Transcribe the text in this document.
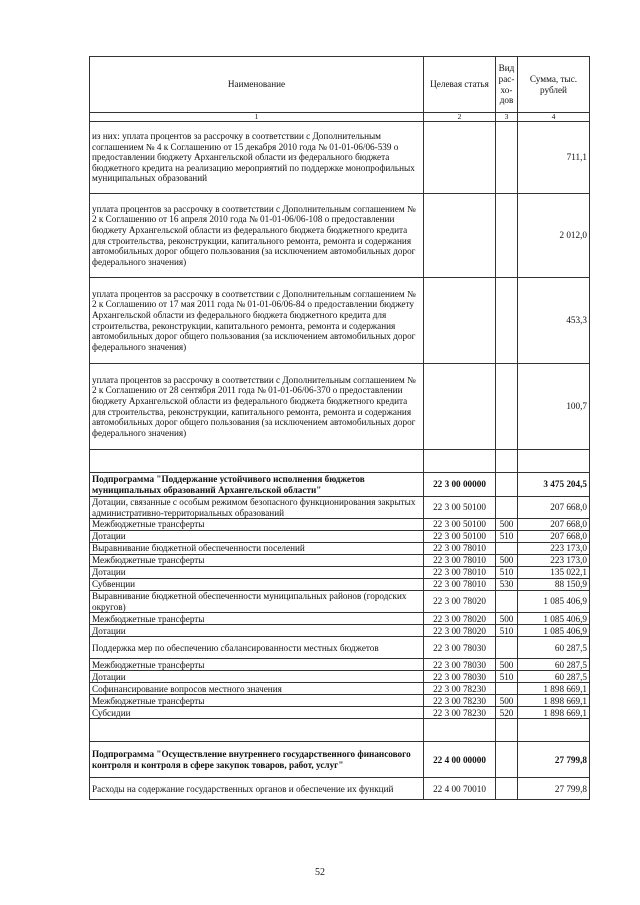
Наименование	Целевая статья	Вид рас- хо- дов	Сумма, тыс. рублей
1	2	3	4
из них: уплата процентов за рассрочку в соответствии с Дополнительным соглашением № 4 к Соглашению от 15 декабря 2010 года № 01-01-06/06-539 о предоставлении бюджету Архангельской области из федерального бюджета бюджетного кредита на реализацию мероприятий по поддержке монопрофильных муниципальных образований			711,1
уплата процентов за рассрочку в соответствии с Дополнительным соглашением № 2 к Соглашению от 16 апреля 2010 года № 01-01-06/06-108 о предоставлении бюджету Архангельской области из федерального бюджета бюджетного кредита для строительства, реконструкции, капитального ремонта, ремонта и содержания автомобильных дорог общего пользования (за исключением автомобильных дорог федерального значения)			2 012,0
уплата процентов за рассрочку в соответствии с Дополнительным соглашением № 2 к Соглашению от 17 мая 2011 года № 01-01-06/06-84 о предоставлении бюджету Архангельской области из федерального бюджета бюджетного кредита для строительства, реконструкции, капитального ремонта, ремонта и содержания автомобильных дорог общего пользования (за исключением автомобильных дорог федерального значения)			453,3
уплата процентов за рассрочку в соответствии с Дополнительным соглашением № 2 к Соглашению от 28 сентября 2011 года № 01-01-06/06-370 о предоставлении бюджету Архангельской области из федерального бюджета бюджетного кредита для строительства, реконструкции, капитального ремонта, ремонта и содержания автомобильных дорог общего пользования (за исключением автомобильных дорог федерального значения)			100,7

Подпрограмма "Поддержание устойчивого исполнения бюджетов муниципальных образований Архангельской области"	22 3 00 00000		3 475 204,5
Дотации, связанные с особым режимом безопасного функционирования закрытых административно-территориальных образований	22 3 00 50100		207 668,0
Межбюджетные трансферты	22 3 00 50100	500	207 668,0
Дотации	22 3 00 50100	510	207 668,0
Выравнивание бюджетной обеспеченности поселений	22 3 00 78010		223 173,0
Межбюджетные трансферты	22 3 00 78010	500	223 173,0
Дотации	22 3 00 78010	510	135 022,1
Субвенции	22 3 00 78010	530	88 150,9
Выравнивание бюджетной обеспеченности муниципальных районов (городских округов)	22 3 00 78020		1 085 406,9
Межбюджетные трансферты	22 3 00 78020	500	1 085 406,9
Дотации	22 3 00 78020	510	1 085 406,9
Поддержка мер по обеспечению сбалансированности местных бюджетов	22 3 00 78030		60 287,5
Межбюджетные трансферты	22 3 00 78030	500	60 287,5
Дотации	22 3 00 78030	510	60 287,5
Софинансирование вопросов местного значения	22 3 00 78230		1 898 669,1
Межбюджетные трансферты	22 3 00 78230	500	1 898 669,1
Субсидии	22 3 00 78230	520	1 898 669,1

Подпрограмма "Осуществление внутреннего государственного финансового контроля и контроля в сфере закупок товаров, работ, услуг"	22 4 00 00000		27 799,8
Расходы на содержание государственных органов и обеспечение их функций	22 4 00 70010		27 799,8
52
